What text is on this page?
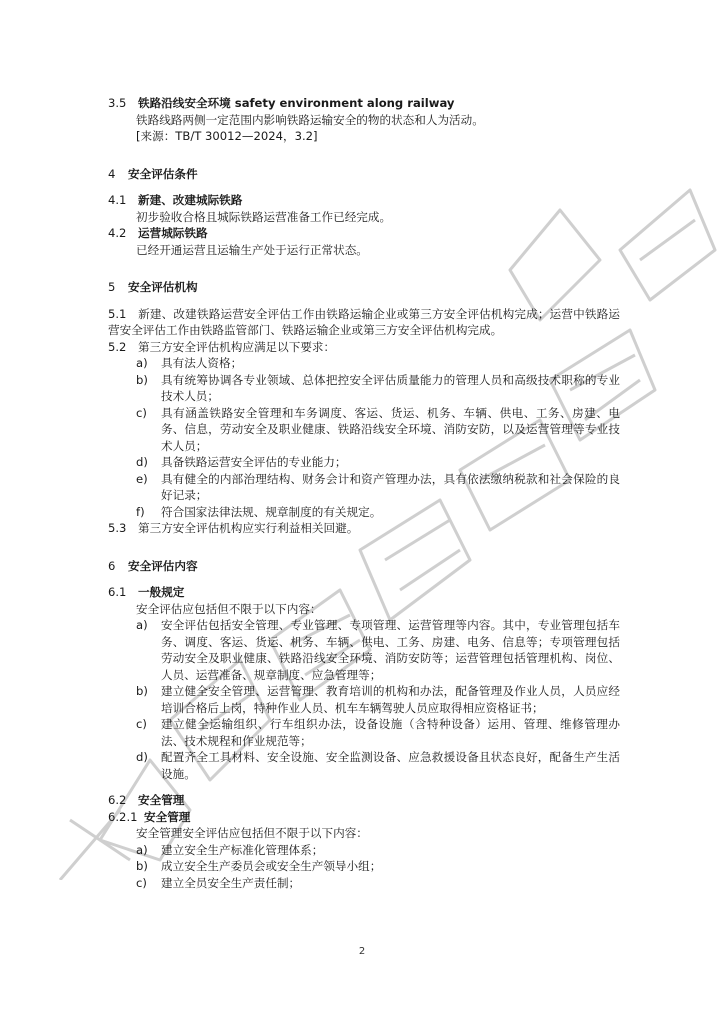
3.5 铁路沿线安全环境 safety environment along railway
铁路线路两侧一定范围内影响铁路运输安全的物的状态和人为活动。
[来源：TB/T 30012—2024，3.2]
4 安全评估条件
4.1 新建、改建城际铁路
初步验收合格且城际铁路运营准备工作已经完成。
4.2 运营城际铁路
已经开通运营且运输生产处于运行正常状态。
5 安全评估机构
5.1 新建、改建铁路运营安全评估工作由铁路运输企业或第三方安全评估机构完成；运营中铁路运营安全评估工作由铁路监管部门、铁路运输企业或第三方安全评估机构完成。
5.2 第三方安全评估机构应满足以下要求：
a) 具有法人资格；
b) 具有统筹协调各专业领域、总体把控安全评估质量能力的管理人员和高级技术职称的专业技术人员；
c) 具有涵盖铁路安全管理和车务调度、客运、货运、机务、车辆、供电、工务、房建、电务、信息，劳动安全及职业健康、铁路沿线安全环境、消防安防，以及运营管理等专业技术人员；
d) 具备铁路运营安全评估的专业能力；
e) 具有健全的内部治理结构、财务会计和资产管理办法，具有依法缴纳税款和社会保险的良好记录；
f) 符合国家法律法规、规章制度的有关规定。
5.3 第三方安全评估机构应实行利益相关回避。
6 安全评估内容
6.1 一般规定
安全评估应包括但不限于以下内容：
a) 安全评估包括安全管理、专业管理、专项管理、运营管理等内容。其中，专业管理包括车务、调度、客运、货运、机务、车辆、供电、工务、房建、电务、信息等；专项管理包括劳动安全及职业健康、铁路沿线安全环境、消防安防等；运营管理包括管理机构、岗位、人员、运营准备、规章制度、应急管理等；
b) 建立健全安全管理、运营管理、教育培训的机构和办法，配备管理及作业人员，人员应经培训合格后上岗，特种作业人员、机车车辆驾驶人员应取得相应资格证书；
c) 建立健全运输组织、行车组织办法，设备设施（含特种设备）运用、管理、维修管理办法、技术规程和作业规范等；
d) 配置齐全工具材料、安全设施、安全监测设备、应急救援设备且状态良好，配备生产生活设施。
6.2 安全管理
6.2.1 安全管理
安全管理安全评估应包括但不限于以下内容：
a) 建立安全生产标准化管理体系；
b) 成立安全生产委员会或安全生产领导小组；
c) 建立全员安全生产责任制；
2
